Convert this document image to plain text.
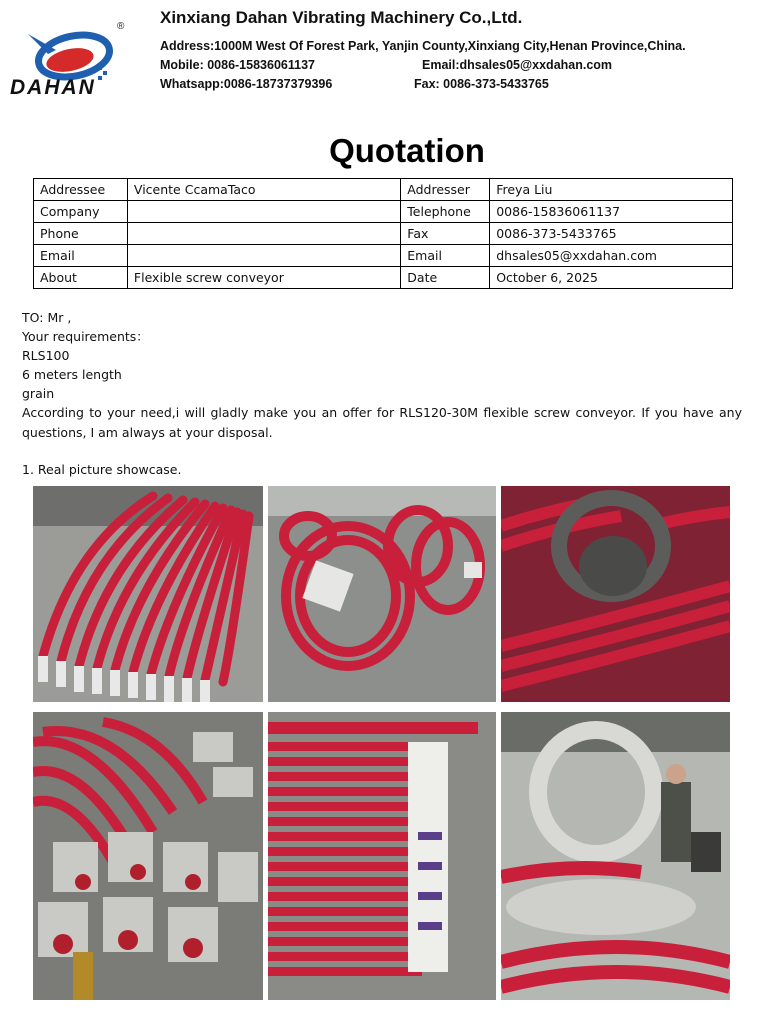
DAHAN
® Xinxiang Dahan Vibrating Machinery Co.,Ltd.
Address:1000M West Of Forest Park, Yanjin County,Xinxiang City,Henan Province,China.
Mobile: 0086-15836061137	Email:dhsales05@xxdahan.com
Whatsapp:0086-18737379396	Fax: 0086-373-5433765
Quotation
Addressee	Vicente CcamaTaco	Addresser	Freya Liu
Company		Telephone	0086-15836061137
Phone		Fax	0086-373-5433765
Email		Email	dhsales05@xxdahan.com
About	Flexible screw conveyor	Date	October 6, 2025
TO: Mr ,
Your requirements：
RLS100
6 meters length
grain
According to your need,i will gladly make you an offer for RLS120-30M flexible screw conveyor. If you have any questions, I am always at your disposal.
1. Real picture showcase.
